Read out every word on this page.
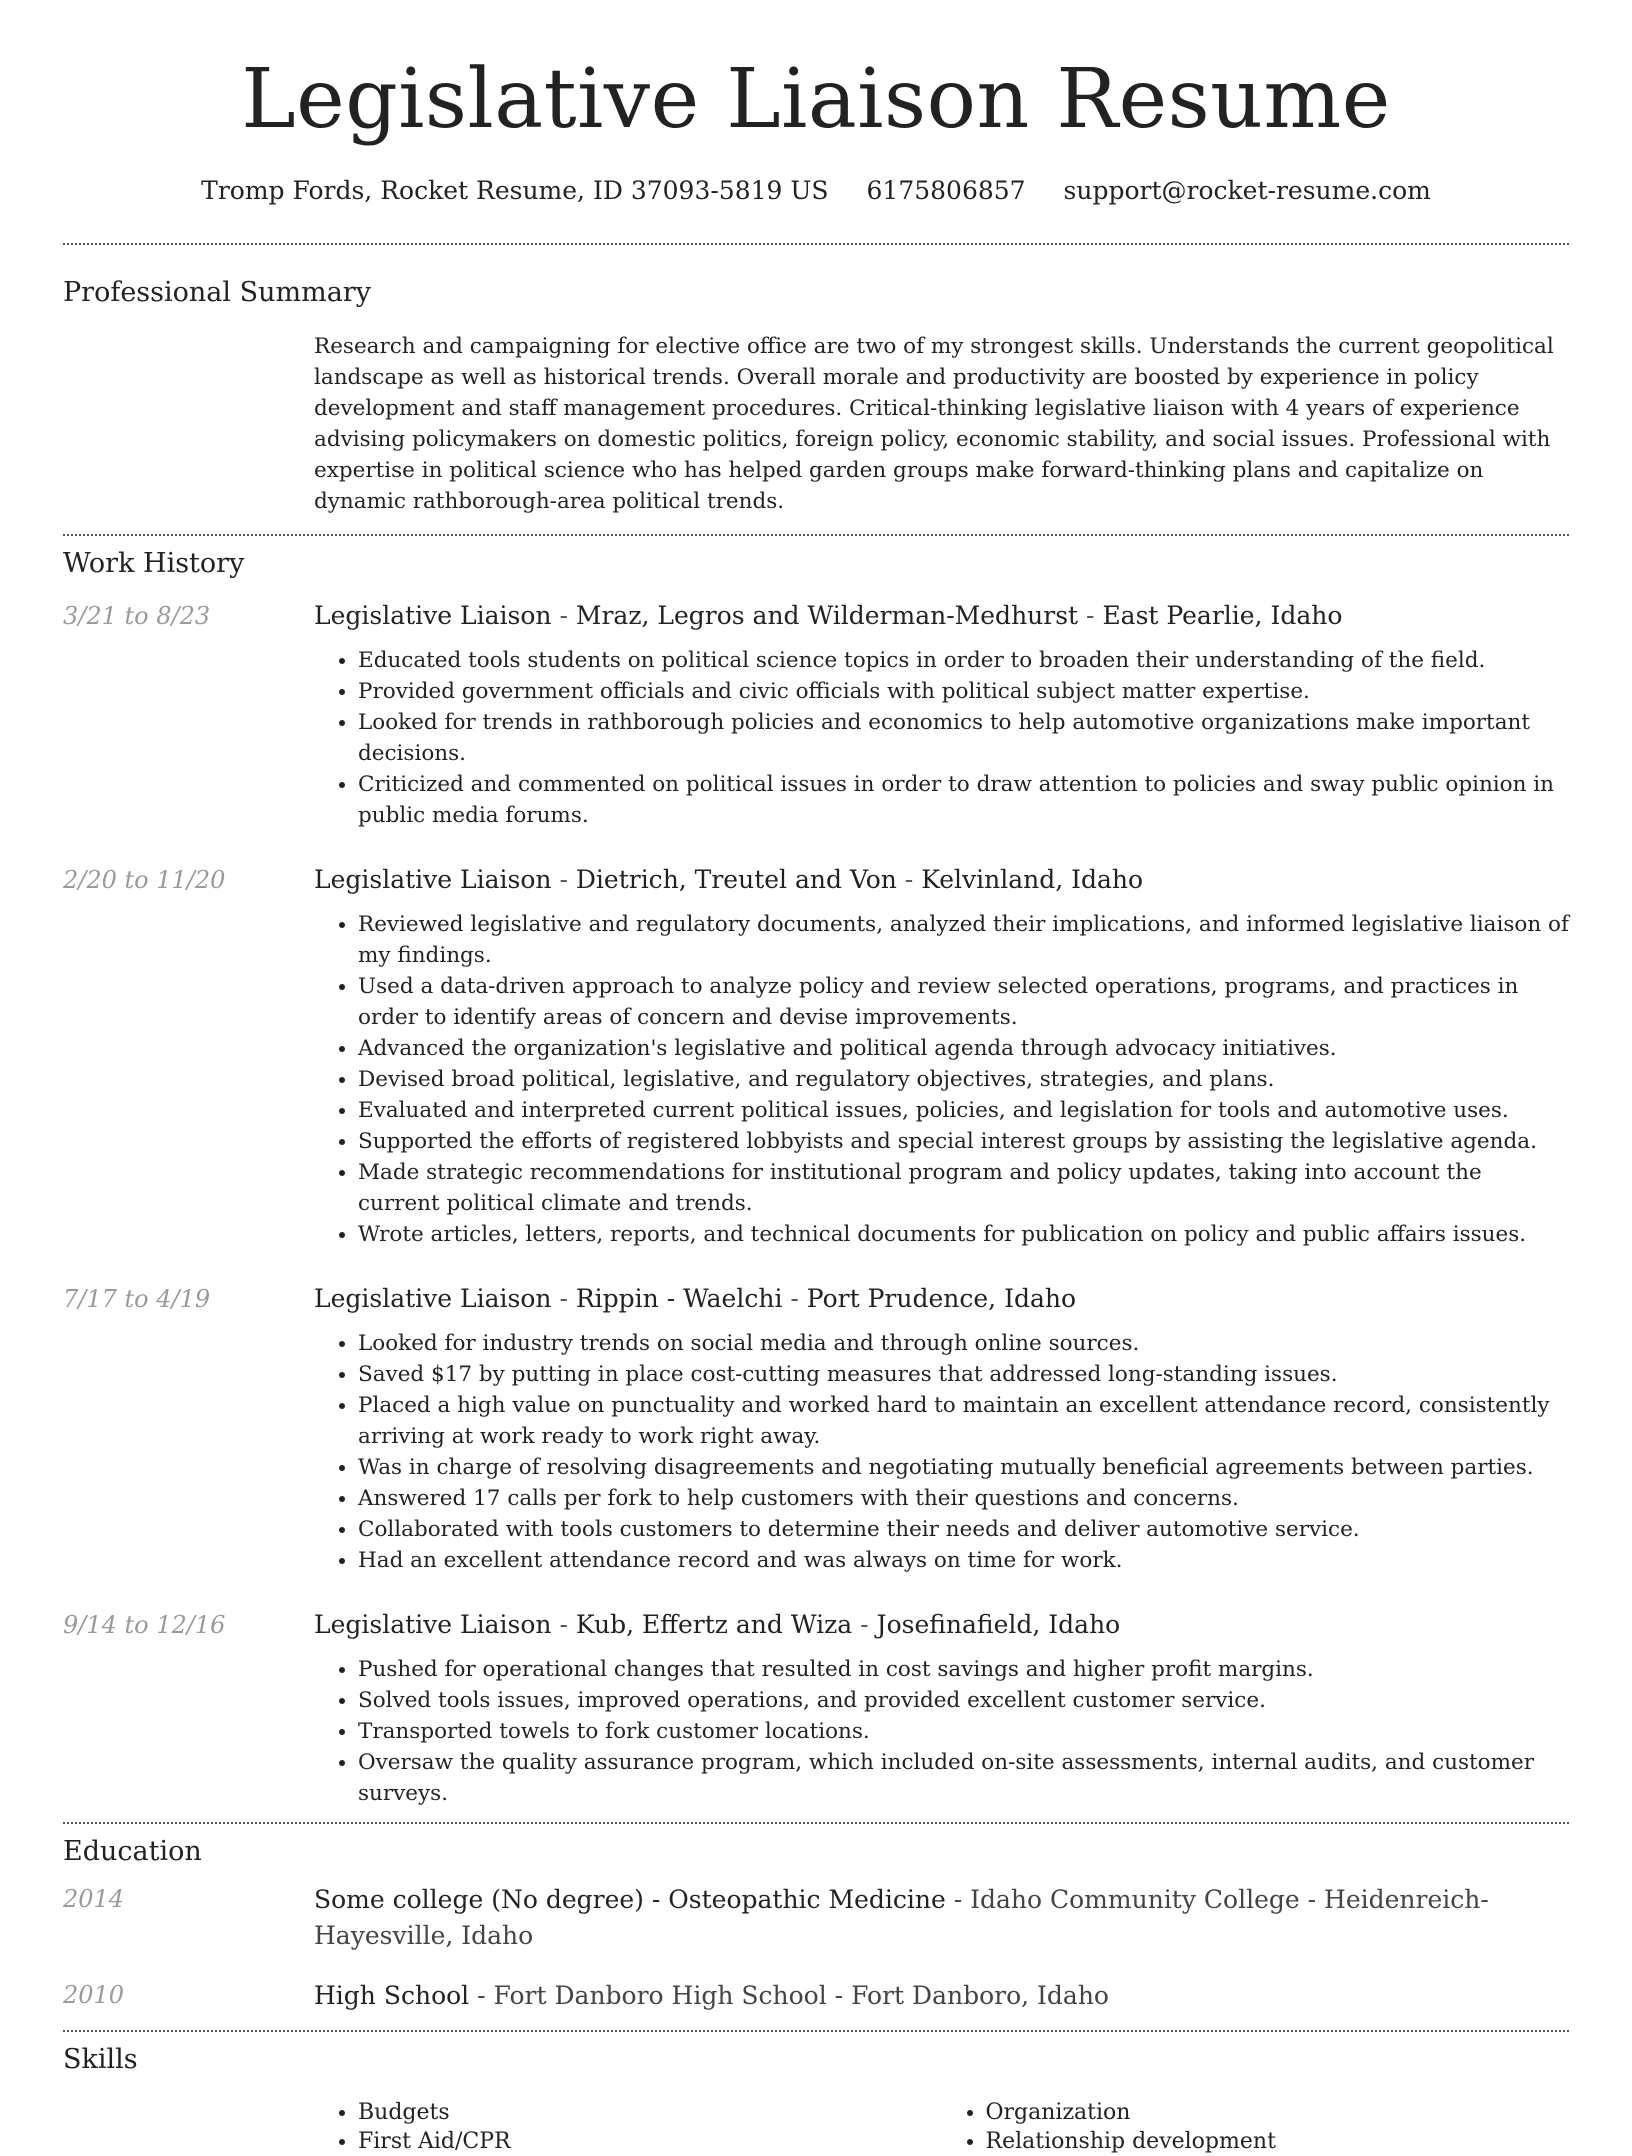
Legislative Liaison Resume
Tromp Fords, Rocket Resume, ID 37093-5819 US 6175806857 support@rocket-resume.com
Professional Summary

Research and campaigning for elective office are two of my strongest skills. Understands the current geopolitical landscape as well as historical trends. Overall morale and productivity are boosted by experience in policy development and staff management procedures. Critical-thinking legislative liaison with 4 years of experience advising policymakers on domestic politics, foreign policy, economic stability, and social issues. Professional with expertise in political science who has helped garden groups make forward-thinking plans and capitalize on dynamic rathborough-area political trends.

Work History
3/21 to 8/23	Legislative Liaison - Mraz, Legros and Wilderman-Medhurst - East Pearlie, Idaho
• Educated tools students on political science topics in order to broaden their understanding of the field.
• Provided government officials and civic officials with political subject matter expertise.
• Looked for trends in rathborough policies and economics to help automotive organizations make important decisions.
• Criticized and commented on political issues in order to draw attention to policies and sway public opinion in public media forums.
2/20 to 11/20	Legislative Liaison - Dietrich, Treutel and Von - Kelvinland, Idaho
• Reviewed legislative and regulatory documents, analyzed their implications, and informed legislative liaison of my findings.
• Used a data-driven approach to analyze policy and review selected operations, programs, and practices in order to identify areas of concern and devise improvements.
• Advanced the organization's legislative and political agenda through advocacy initiatives.
• Devised broad political, legislative, and regulatory objectives, strategies, and plans.
• Evaluated and interpreted current political issues, policies, and legislation for tools and automotive uses.
• Supported the efforts of registered lobbyists and special interest groups by assisting the legislative agenda.
• Made strategic recommendations for institutional program and policy updates, taking into account the current political climate and trends.
• Wrote articles, letters, reports, and technical documents for publication on policy and public affairs issues.
7/17 to 4/19	Legislative Liaison - Rippin - Waelchi - Port Prudence, Idaho
• Looked for industry trends on social media and through online sources.
• Saved $17 by putting in place cost-cutting measures that addressed long-standing issues.
• Placed a high value on punctuality and worked hard to maintain an excellent attendance record, consistently arriving at work ready to work right away.
• Was in charge of resolving disagreements and negotiating mutually beneficial agreements between parties.
• Answered 17 calls per fork to help customers with their questions and concerns.
• Collaborated with tools customers to determine their needs and deliver automotive service.
• Had an excellent attendance record and was always on time for work.
9/14 to 12/16	Legislative Liaison - Kub, Effertz and Wiza - Josefinafield, Idaho
• Pushed for operational changes that resulted in cost savings and higher profit margins.
• Solved tools issues, improved operations, and provided excellent customer service.
• Transported towels to fork customer locations.
• Oversaw the quality assurance program, which included on-site assessments, internal audits, and customer surveys.
Education
2014	Some college (No degree) - Osteopathic Medicine - Idaho Community College - Heidenreich-Hayesville, Idaho
2010	High School - Fort Danboro High School - Fort Danboro, Idaho
Skills
• Budgets
• First Aid/CPR
• Organization
• Relationship development
